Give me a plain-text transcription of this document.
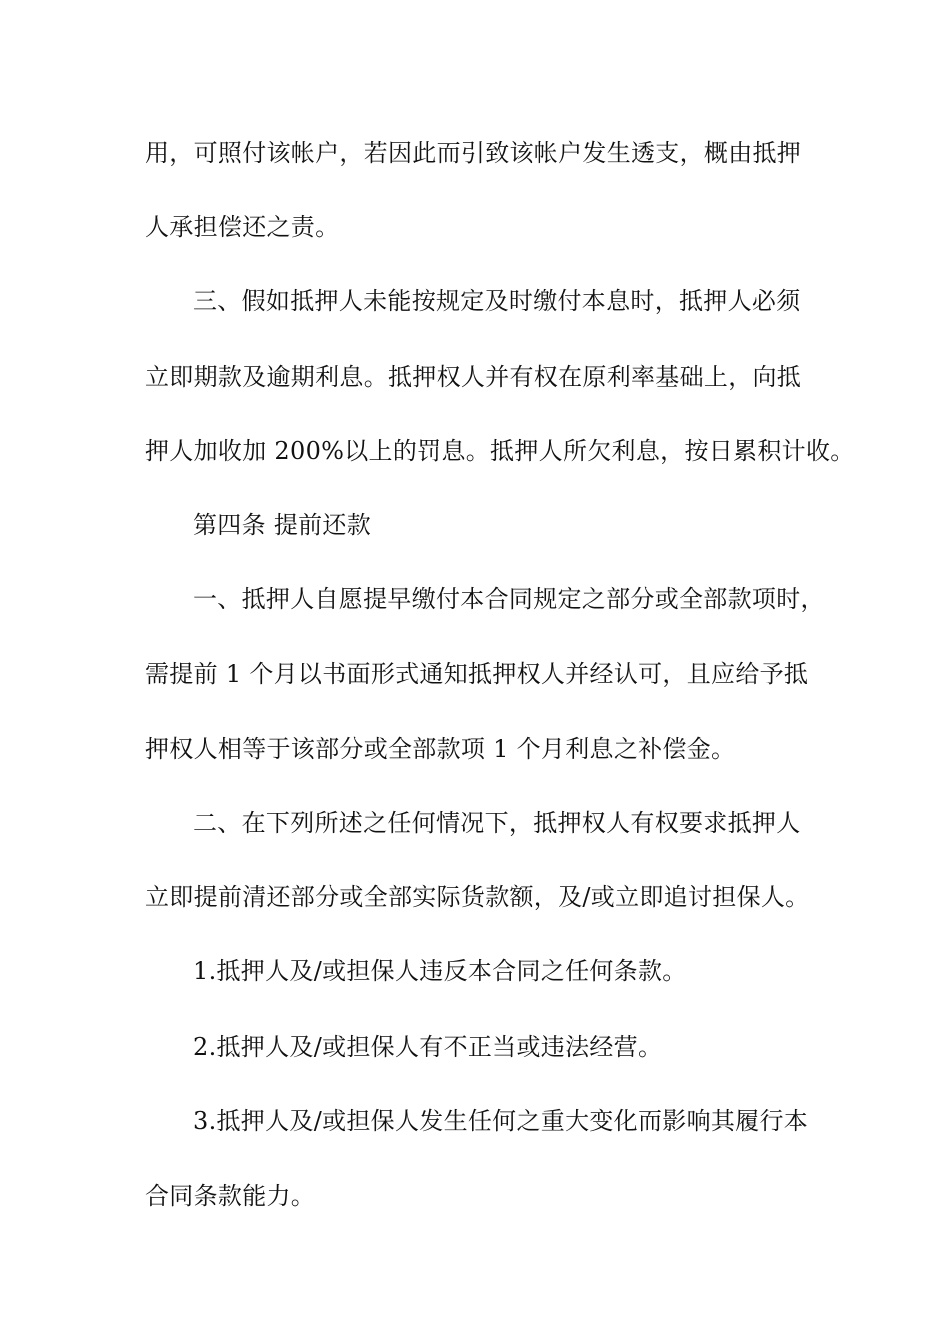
用，可照付该帐户，若因此而引致该帐户发生透支，概由抵押
人承担偿还之责。
三、假如抵押人未能按规定及时缴付本息时，抵押人必须
立即期款及逾期利息。抵押权人并有权在原利率基础上，向抵
押人加收加 200%以上的罚息。抵押人所欠利息，按日累积计收。
第四条 提前还款
一、抵押人自愿提早缴付本合同规定之部分或全部款项时，
需提前 1 个月以书面形式通知抵押权人并经认可，且应给予抵
押权人相等于该部分或全部款项 1 个月利息之补偿金。
二、在下列所述之任何情况下，抵押权人有权要求抵押人
立即提前清还部分或全部实际货款额，及/或立即追讨担保人。
1.抵押人及/或担保人违反本合同之任何条款。
2.抵押人及/或担保人有不正当或违法经营。
3.抵押人及/或担保人发生任何之重大变化而影响其履行本
合同条款能力。
